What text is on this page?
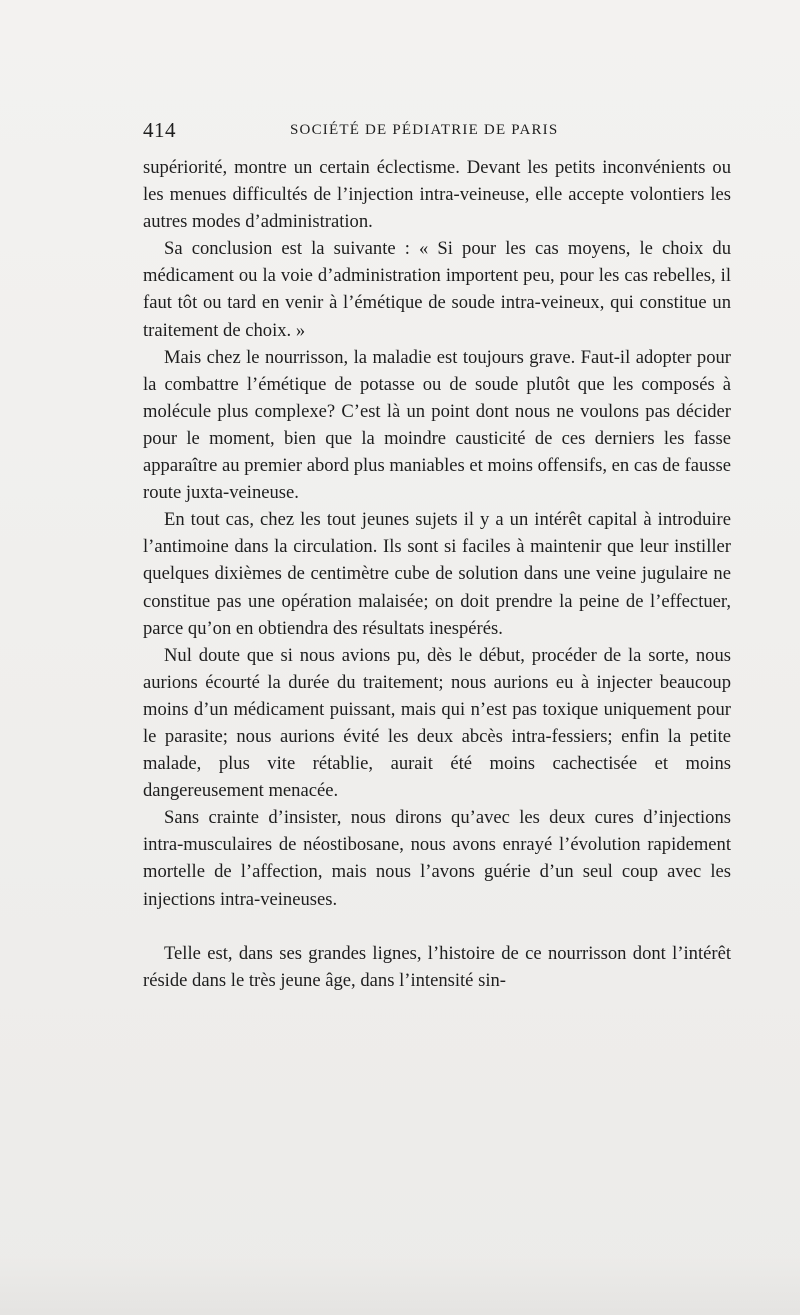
414	SOCIÉTÉ DE PÉDIATRIE DE PARIS

supériorité, montre un certain éclectisme. Devant les petits inconvénients ou les menues difficultés de l’injection intra-veineuse, elle accepte volontiers les autres modes d’administration.

Sa conclusion est la suivante : « Si pour les cas moyens, le choix du médicament ou la voie d’administration importent peu, pour les cas rebelles, il faut tôt ou tard en venir à l’émétique de soude intra-veineux, qui constitue un traitement de choix. »

Mais chez le nourrisson, la maladie est toujours grave. Faut-il adopter pour la combattre l’émétique de potasse ou de soude plutôt que les composés à molécule plus complexe? C’est là un point dont nous ne voulons pas décider pour le moment, bien que la moindre causticité de ces derniers les fasse apparaître au premier abord plus maniables et moins offensifs, en cas de fausse route juxta-veineuse.

En tout cas, chez les tout jeunes sujets il y a un intérêt capital à introduire l’antimoine dans la circulation. Ils sont si faciles à maintenir que leur instiller quelques dixièmes de centimètre cube de solution dans une veine jugulaire ne constitue pas une opération malaisée; on doit prendre la peine de l’effectuer, parce qu’on en obtiendra des résultats inespérés.

Nul doute que si nous avions pu, dès le début, procéder de la sorte, nous aurions écourté la durée du traitement; nous aurions eu à injecter beaucoup moins d’un médicament puissant, mais qui n’est pas toxique uniquement pour le parasite; nous aurions évité les deux abcès intra-fessiers; enfin la petite malade, plus vite rétablie, aurait été moins cachectisée et moins dangereusement menacée.

Sans crainte d’insister, nous dirons qu’avec les deux cures d’injections intra-musculaires de néostibosane, nous avons enrayé l’évolution rapidement mortelle de l’affection, mais nous l’avons guérie d’un seul coup avec les injections intra-veineuses.

Telle est, dans ses grandes lignes, l’histoire de ce nourrisson dont l’intérêt réside dans le très jeune âge, dans l’intensité sin-
